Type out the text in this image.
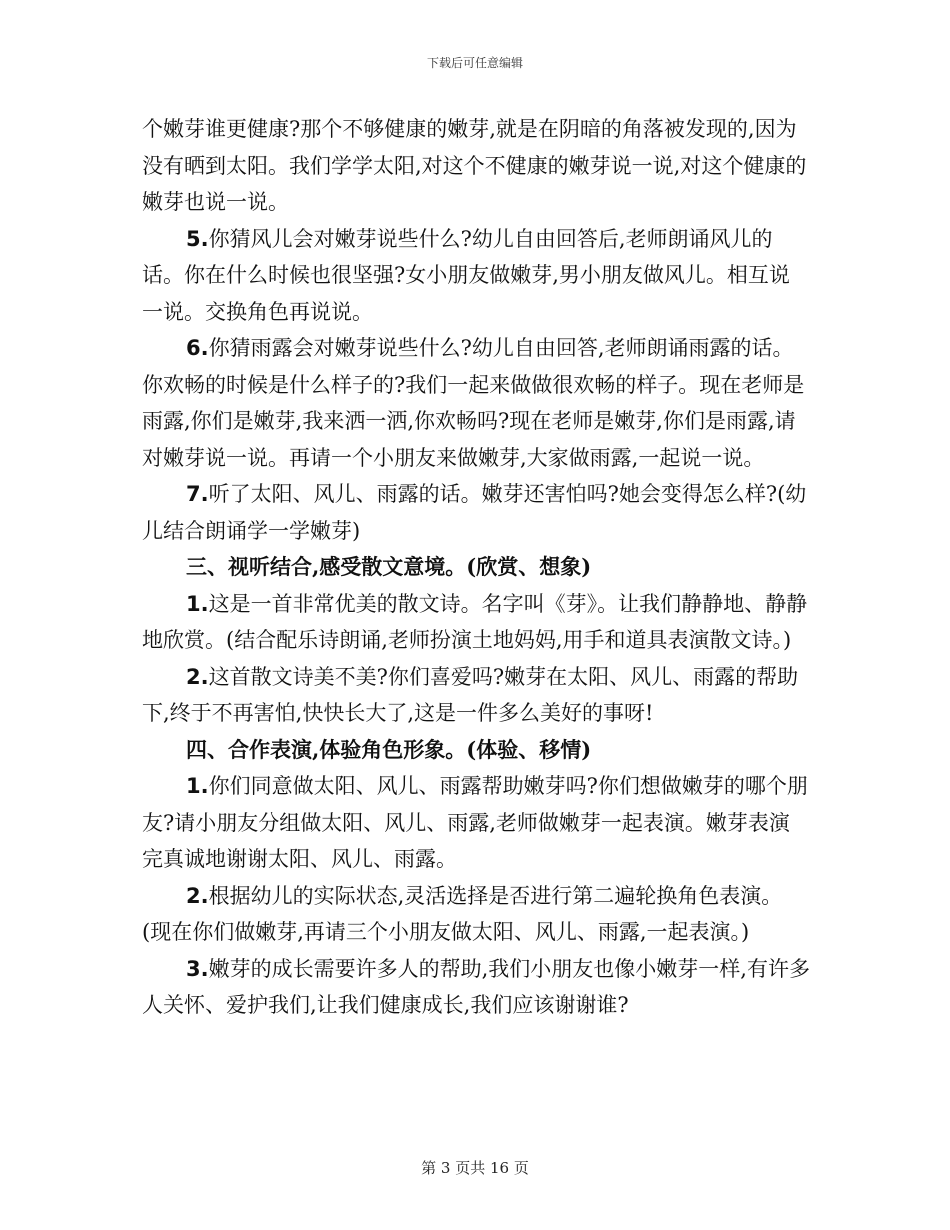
下载后可任意编辑

个嫩芽谁更健康?那个不够健康的嫩芽,就是在阴暗的角落被发现的,因为没有晒到太阳。我们学学太阳,对这个不健康的嫩芽说一说,对这个健康的嫩芽也说一说。

5.你猜风儿会对嫩芽说些什么?幼儿自由回答后,老师朗诵风儿的话。你在什么时候也很坚强?女小朋友做嫩芽,男小朋友做风儿。相互说一说。交换角色再说说。

6.你猜雨露会对嫩芽说些什么?幼儿自由回答,老师朗诵雨露的话。你欢畅的时候是什么样子的?我们一起来做做很欢畅的样子。现在老师是雨露,你们是嫩芽,我来洒一洒,你欢畅吗?现在老师是嫩芽,你们是雨露,请对嫩芽说一说。再请一个小朋友来做嫩芽,大家做雨露,一起说一说。

7.听了太阳、风儿、雨露的话。嫩芽还害怕吗?她会变得怎么样?(幼儿结合朗诵学一学嫩芽)

三、视听结合,感受散文意境。(欣赏、想象)

1.这是一首非常优美的散文诗。名字叫《芽》。让我们静静地、静静地欣赏。(结合配乐诗朗诵,老师扮演土地妈妈,用手和道具表演散文诗。)

2.这首散文诗美不美?你们喜爱吗?嫩芽在太阳、风儿、雨露的帮助下,终于不再害怕,快快长大了,这是一件多么美好的事呀!

四、合作表演,体验角色形象。(体验、移情)

1.你们同意做太阳、风儿、雨露帮助嫩芽吗?你们想做嫩芽的哪个朋友?请小朋友分组做太阳、风儿、雨露,老师做嫩芽一起表演。嫩芽表演完真诚地谢谢太阳、风儿、雨露。

2.根据幼儿的实际状态,灵活选择是否进行第二遍轮换角色表演。(现在你们做嫩芽,再请三个小朋友做太阳、风儿、雨露,一起表演。)

3.嫩芽的成长需要许多人的帮助,我们小朋友也像小嫩芽一样,有许多人关怀、爱护我们,让我们健康成长,我们应该谢谢谁?

第 3 页共 16 页
